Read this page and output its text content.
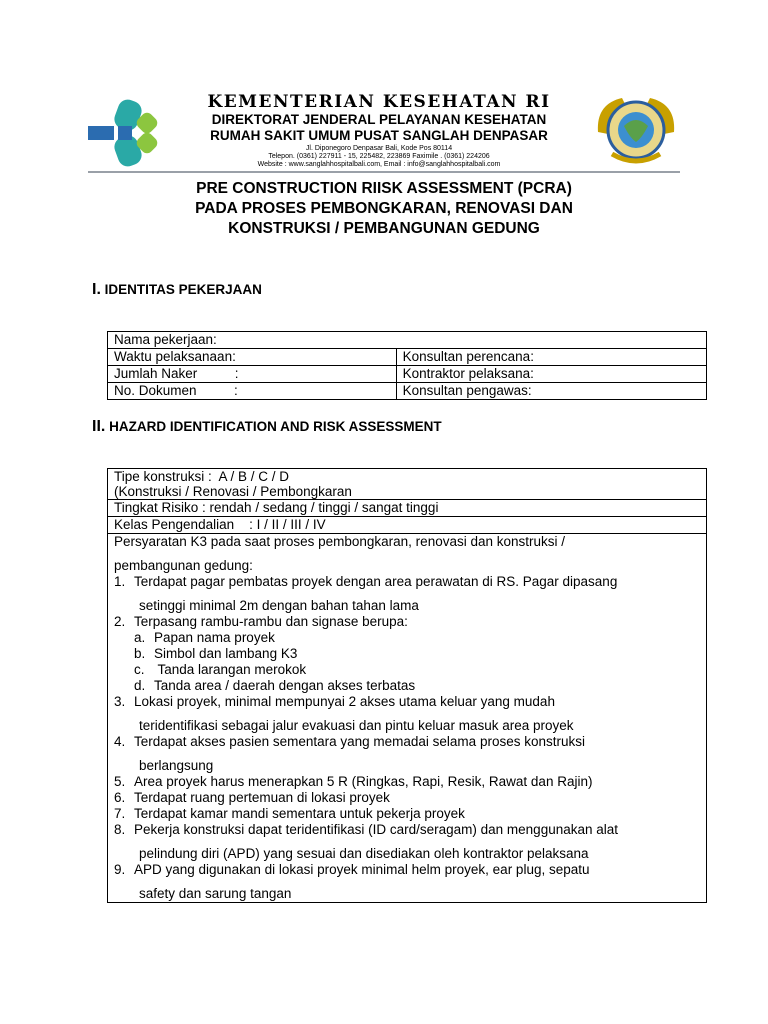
KEMENTERIAN KESEHATAN RI
DIREKTORAT JENDERAL PELAYANAN KESEHATAN
RUMAH SAKIT UMUM PUSAT SANGLAH DENPASAR
Jl. Diponegoro Denpasar Bali, Kode Pos 80114
Telepon. (0361) 227911 - 15, 225482, 223869 Faximile . (0361) 224206
Website : www.sanglahhospitalbali.com, Email : info@sanglahhospitalbali.com
PRE CONSTRUCTION RIISK ASSESSMENT (PCRA)
PADA PROSES PEMBONGKARAN, RENOVASI DAN
KONSTRUKSI / PEMBANGUNAN GEDUNG
I. IDENTITAS PEKERJAAN
Nama pekerjaan:	
Waktu pelaksanaan:	Konsultan perencana:
Jumlah Naker          :	Kontraktor pelaksana:
No. Dokumen          :	Konsultan pengawas:
II. HAZARD IDENTIFICATION AND RISK ASSESSMENT
Tipe konstruksi :  A / B / C / D
(Konstruksi / Renovasi / Pembongkaran

Tingkat Risiko : rendah / sedang / tinggi / sangat tinggi
Kelas Pengendalian    : I / II / III / IV

Persyaratan K3 pada saat proses pembongkaran, renovasi dan konstruksi /
pembangunan gedung:
1. Terdapat pagar pembatas proyek dengan area perawatan di RS. Pagar dipasang
setinggi minimal 2m dengan bahan tahan lama
2. Terpasang rambu-rambu dan signase berupa:
a. Papan nama proyek
b. Simbol dan lambang K3
c. Tanda larangan merokok
d. Tanda area / daerah dengan akses terbatas
3. Lokasi proyek, minimal mempunyai 2 akses utama keluar yang mudah
teridentifikasi sebagai jalur evakuasi dan pintu keluar masuk area proyek
4. Terdapat akses pasien sementara yang memadai selama proses konstruksi
berlangsung
5. Area proyek harus menerapkan 5 R (Ringkas, Rapi, Resik, Rawat dan Rajin)
6. Terdapat ruang pertemuan di lokasi proyek
7. Terdapat kamar mandi sementara untuk pekerja proyek
8. Pekerja konstruksi dapat teridentifikasi (ID card/seragam) dan menggunakan alat
pelindung diri (APD) yang sesuai dan disediakan oleh kontraktor pelaksana
9. APD yang digunakan di lokasi proyek minimal helm proyek, ear plug, sepatu
safety dan sarung tangan
